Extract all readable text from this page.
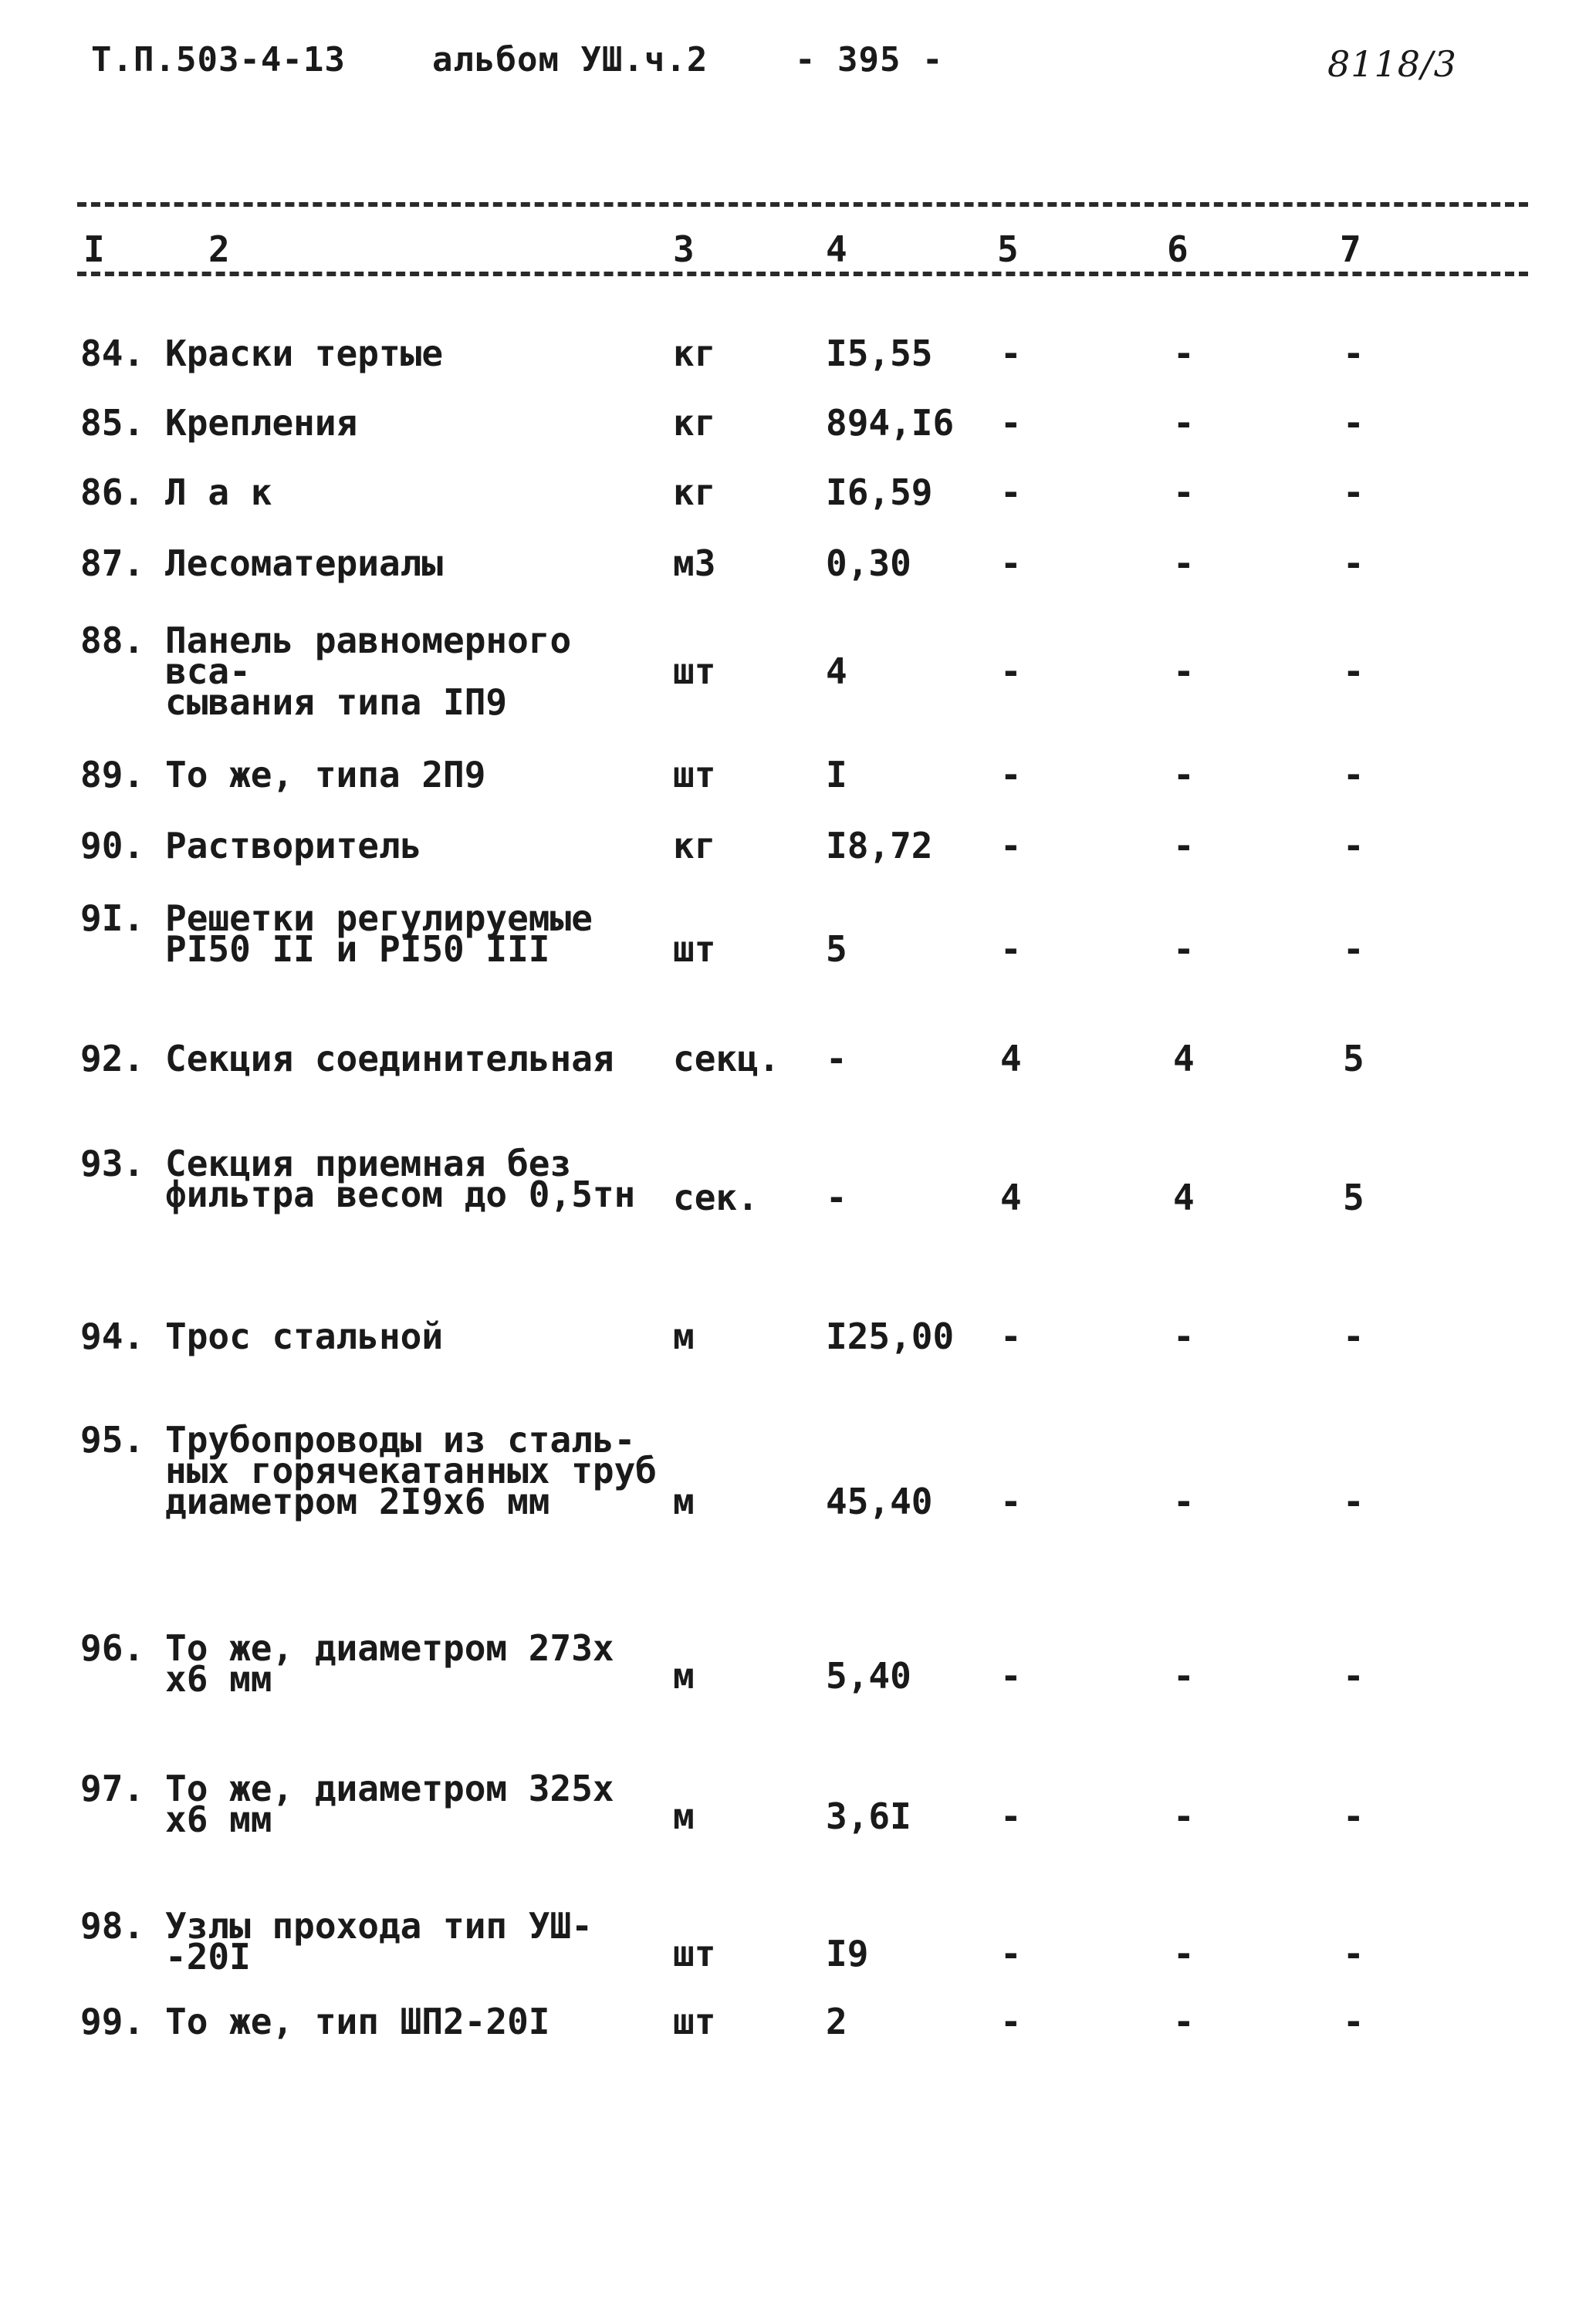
Т.П.503-4-13	альбом УШ.ч.2	- 395 -	8118/3
I	2	3	4	5	6	7
84. Краски тертые	кг	I5,55 -	-	-
85. Крепления	кг	894,I6 -	-	-
86. Л а к	кг	I6,59 -	-	-
87. Лесоматериалы	м3	0,30	-	-	-
88. Панель равномерного вса-
сывания типа IП9
шт	4	-	-	-
89. То же, типа 2П9	шт	I	-	-	-
90. Растворитель	кг	I8,72 -	-	-
9I. Решетки регулируемые
PI50 II и PI50 III	шт	5	-	-	-
92. Секция соединительная	секц. -	4	4	5
93. Секция приемная без
фильтра весом до 0,5тн	сек. -	4	4	5
94. Трос стальной	м	I25,00 -	-	-
95. Трубопроводы из сталь-
ных горячекатанных труб
диаметром 2I9х6 мм	м	45,40 -	-	-
96. То же, диаметром 273х
х6 мм	м	5,40	-	-	-
97. То же, диаметром 325х
х6 мм	м	3,6I	-	-	-
98. Узлы прохода тип УШ-
-20I	шт	I9	-	-	-
99. То же, тип ШП2-20I	шт	2	-	-	-
